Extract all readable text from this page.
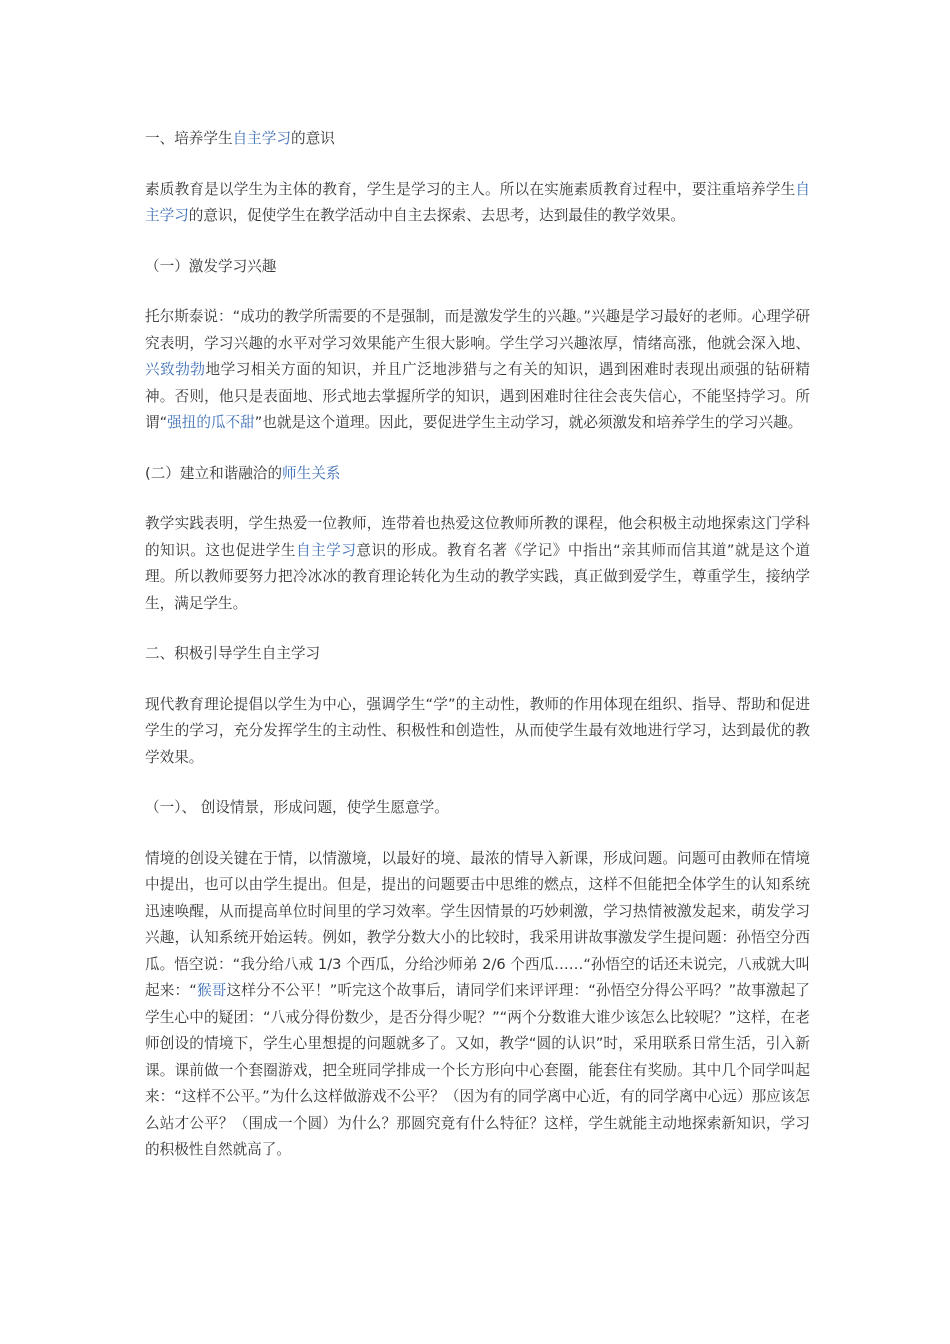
一、培养学生自主学习的意识

素质教育是以学生为主体的教育，学生是学习的主人。所以在实施素质教育过程中，要注重培养学生自主学习的意识，促使学生在教学活动中自主去探索、去思考，达到最佳的教学效果。

（一）激发学习兴趣

托尔斯泰说：“成功的教学所需要的不是强制，而是激发学生的兴趣。”兴趣是学习最好的老师。心理学研究表明，学习兴趣的水平对学习效果能产生很大影响。学生学习兴趣浓厚，情绪高涨，他就会深入地、兴致勃勃地学习相关方面的知识，并且广泛地涉猎与之有关的知识，遇到困难时表现出顽强的钻研精神。否则，他只是表面地、形式地去掌握所学的知识，遇到困难时往往会丧失信心，不能坚持学习。所谓“强扭的瓜不甜”也就是这个道理。因此，要促进学生主动学习，就必须激发和培养学生的学习兴趣。

(二）建立和谐融洽的师生关系

教学实践表明，学生热爱一位教师，连带着也热爱这位教师所教的课程，他会积极主动地探索这门学科的知识。这也促进学生自主学习意识的形成。教育名著《学记》中指出“亲其师而信其道”就是这个道理。所以教师要努力把冷冰冰的教育理论转化为生动的教学实践，真正做到爱学生，尊重学生，接纳学生，满足学生。

二、积极引导学生自主学习

现代教育理论提倡以学生为中心，强调学生“学”的主动性，教师的作用体现在组织、指导、帮助和促进学生的学习，充分发挥学生的主动性、积极性和创造性，从而使学生最有效地进行学习，达到最优的教学效果。

（一）、 创设情景，形成问题，使学生愿意学。

情境的创设关键在于情，以情激境，以最好的境、最浓的情导入新课，形成问题。问题可由教师在情境中提出，也可以由学生提出。但是，提出的问题要击中思维的燃点，这样不但能把全体学生的认知系统迅速唤醒，从而提高单位时间里的学习效率。学生因情景的巧妙刺激，学习热情被激发起来，萌发学习兴趣，认知系统开始运转。例如，教学分数大小的比较时，我采用讲故事激发学生提问题：孙悟空分西瓜。悟空说：“我分给八戒 1/3 个西瓜，分给沙师弟 2/6 个西瓜……“孙悟空的话还未说完，八戒就大叫起来：“猴哥这样分不公平！”听完这个故事后，请同学们来评评理：“孙悟空分得公平吗？”故事激起了学生心中的疑团：“八戒分得份数少，是否分得少呢？”“两个分数谁大谁少该怎么比较呢？”这样，在老师创设的情境下，学生心里想提的问题就多了。又如，教学“圆的认识”时，采用联系日常生活，引入新课。课前做一个套圈游戏，把全班同学排成一个长方形向中心套圈，能套住有奖励。其中几个同学叫起来：“这样不公平。”为什么这样做游戏不公平？（因为有的同学离中心近，有的同学离中心远）那应该怎么站才公平？（围成一个圆）为什么？那圆究竟有什么特征？这样，学生就能主动地探索新知识，学习的积极性自然就高了。
